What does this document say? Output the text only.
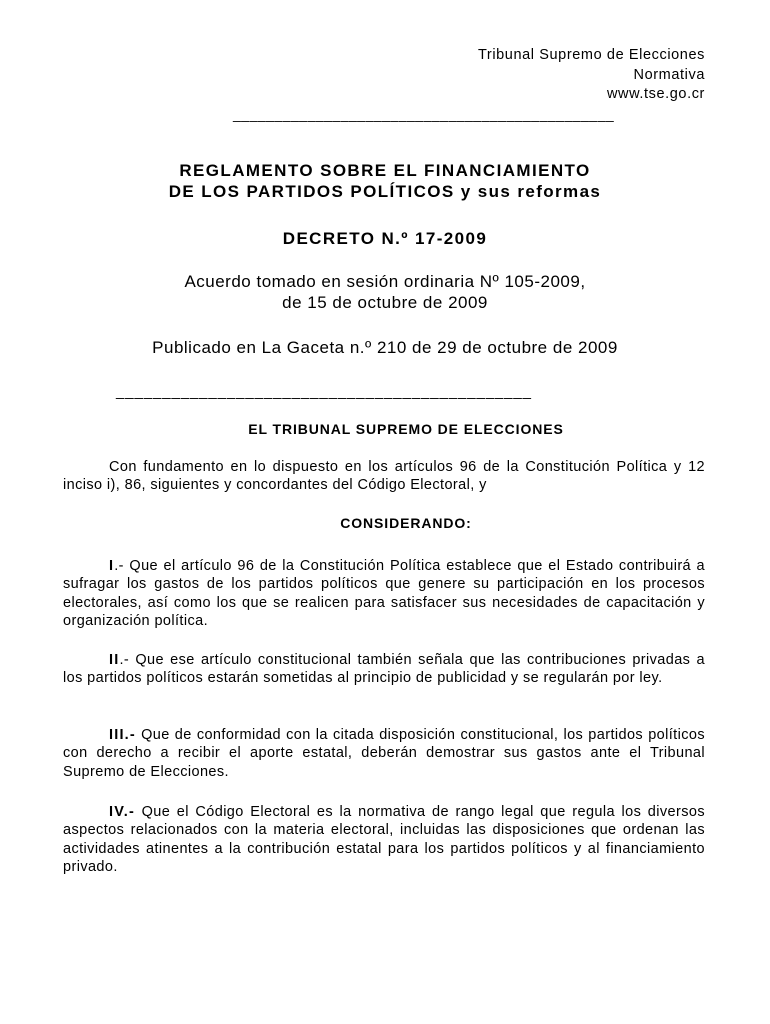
Tribunal Supremo de Elecciones
Normativa
www.tse.go.cr
______________________________________________
REGLAMENTO SOBRE EL FINANCIAMIENTO
DE LOS PARTIDOS POLÍTICOS y sus reformas
DECRETO N.º 17-2009
Acuerdo tomado en sesión ordinaria Nº 105-2009,
de 15 de octubre de 2009
Publicado en La Gaceta n.º 210 de 29 de octubre de 2009
_____________________________________________
EL TRIBUNAL SUPREMO DE ELECCIONES
Con fundamento en lo dispuesto en los artículos 96 de la Constitución Política y 12 inciso i), 86, siguientes y concordantes del Código Electoral, y
CONSIDERANDO:
I.- Que el artículo 96 de la Constitución Política establece que el Estado contribuirá a sufragar los gastos de los partidos políticos que genere su participación en los procesos electorales, así como los que se realicen para satisfacer sus necesidades de capacitación y organización política.
II.- Que ese artículo constitucional también señala que las contribuciones privadas a los partidos políticos estarán sometidas al principio de publicidad y se regularán por ley.
III.- Que de conformidad con la citada disposición constitucional, los partidos políticos con derecho a recibir el aporte estatal, deberán demostrar sus gastos ante el Tribunal Supremo de Elecciones.
IV.- Que el Código Electoral es la normativa de rango legal que regula los diversos aspectos relacionados con la materia electoral, incluidas las disposiciones que ordenan las actividades atinentes a la contribución estatal para los partidos políticos y al financiamiento privado.
